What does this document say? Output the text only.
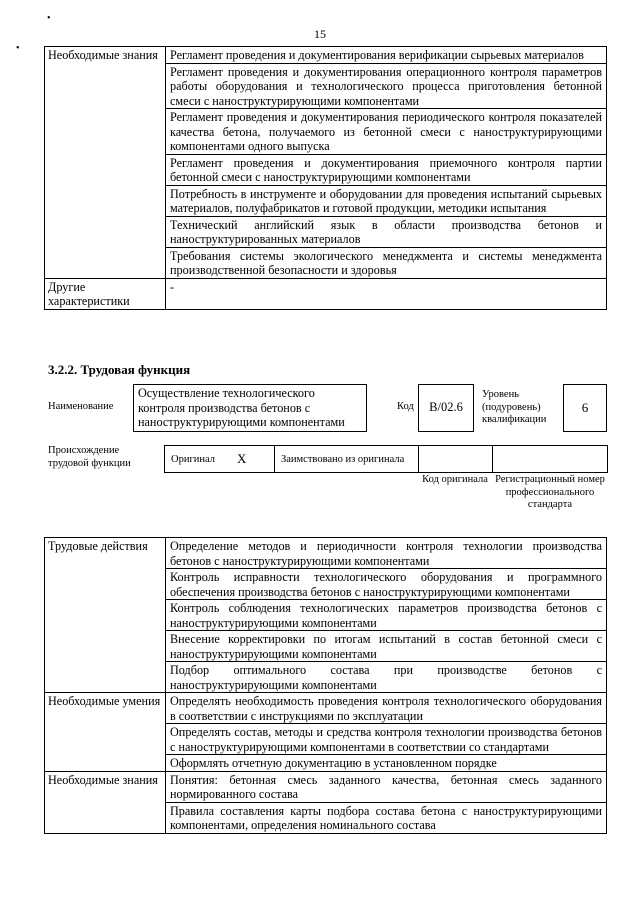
•
•
15
Необходимые знания	Регламент проведения и документирования верификации сырьевых материалов
	Регламент проведения и документирования операционного контроля параметров работы оборудования и технологического процесса приготовления бетонной смеси с наноструктурирующими компонентами
	Регламент проведения и документирования периодического контроля показателей качества бетона, получаемого из бетонной смеси с наноструктурирующими компонентами одного выпуска
	Регламент проведения и документирования приемочного контроля партии бетонной смеси с наноструктурирующими компонентами
	Потребность в инструменте и оборудовании для проведения испытаний сырьевых материалов, полуфабрикатов и готовой продукции, методики испытания
	Технический английский язык в области производства бетонов и наноструктурированных материалов
	Требования системы экологического менеджмента и системы менеджмента производственной безопасности и здоровья
Другие характеристики	-
3.2.2. Трудовая функция
Наименование
Осуществление технологического контроля производства бетонов с наноструктурирующими компонентами
Код	B/02.6
Уровень (подуровень) квалификации
6
Происхождение трудовой функции	Оригинал X	Заимствовано из оригинала
Код оригинала Регистрационный номер профессионального стандарта
Трудовые действия	Определение методов и периодичности контроля технологии производства бетонов с наноструктурирующими компонентами
	Контроль исправности технологического оборудования и программного обеспечения производства бетонов с наноструктурирующими компонентами
	Контроль соблюдения технологических параметров производства бетонов с наноструктурирующими компонентами
	Внесение корректировки по итогам испытаний в состав бетонной смеси с наноструктурирующими компонентами
	Подбор оптимального состава при производстве бетонов с наноструктурирующими компонентами
Необходимые умения	Определять необходимость проведения контроля технологического оборудования в соответствии с инструкциями по эксплуатации
	Определять состав, методы и средства контроля технологии производства бетонов с наноструктурирующими компонентами в соответствии со стандартами
	Оформлять отчетную документацию в установленном порядке
Необходимые знания	Понятия: бетонная смесь заданного качества, бетонная смесь заданного нормированного состава
	Правила составления карты подбора состава бетона с наноструктурирующими компонентами, определения номинального состава
